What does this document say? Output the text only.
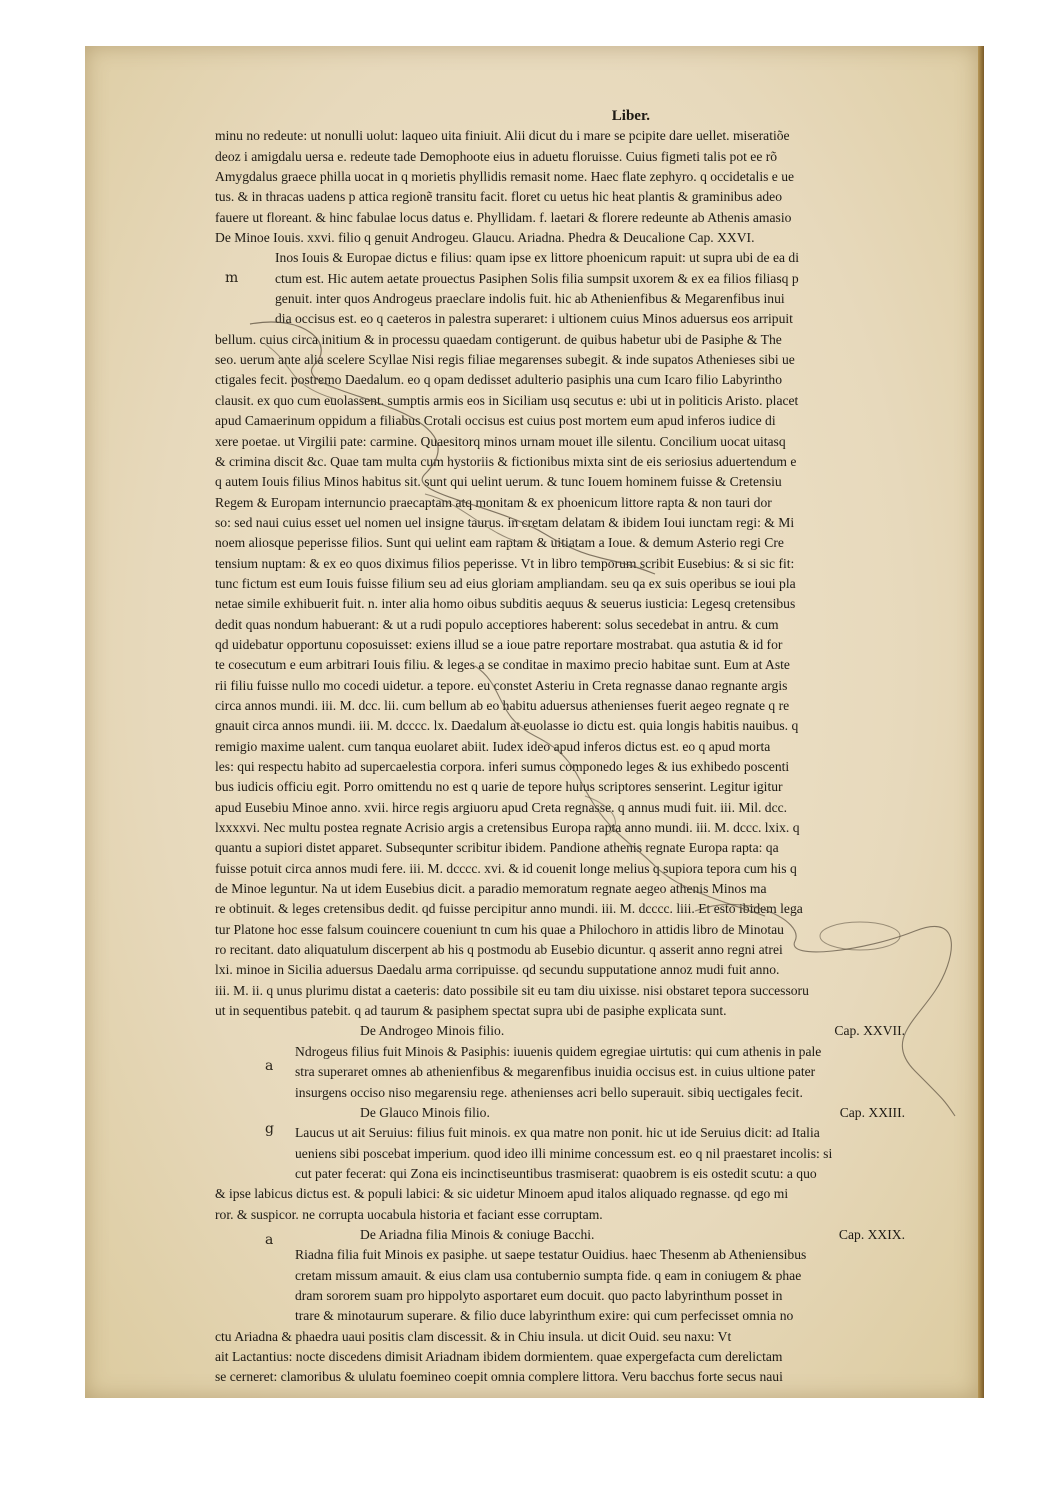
m
a
g
a
Liber.
minu no redeute: ut nonulli uolut: laqueo uita finiuit. Alii dicut du i mare se pcipite dare uellet. miseratiõe
deoz i amigdalu uersa e. redeute tade Demophoote eius in aduetu floruisse. Cuius figmeti talis pot ee rõ
Amygdalus graece philla uocat in q morietis phyllidis remasit nome. Haec flate zephyro. q occidetalis e ue
tus. & in thracas uadens p attica regionẽ transitu facit. floret cu uetus hic heat plantis & graminibus adeo
fauere ut floreant. & hinc fabulae locus datus e. Phyllidam. f. laetari & florere redeunte ab Athenis amasio
De Minoe Iouis. xxvi. filio q genuit Androgeu. Glaucu. Ariadna. Phedra & Deucalione Cap. XXVI.
Inos Iouis & Europae dictus e filius: quam ipse ex littore phoenicum rapuit: ut supra ubi de ea di
ctum est. Hic autem aetate prouectus Pasiphen Solis filia sumpsit uxorem & ex ea filios filiasq p
genuit. inter quos Androgeus praeclare indolis fuit. hic ab Athenienfibus & Megarenfibus inui
dia occisus est. eo q caeteros in palestra superaret: i ultionem cuius Minos aduersus eos arripuit
bellum. cuius circa initium & in processu quaedam contigerunt. de quibus habetur ubi de Pasiphe & The
seo. uerum ante alia scelere Scyllae Nisi regis filiae megarenses subegit. & inde supatos Athenieses sibi ue
ctigales fecit. postremo Daedalum. eo q opam dedisset adulterio pasiphis una cum Icaro filio Labyrintho
clausit. ex quo cum euolassent. sumptis armis eos in Siciliam usq secutus e: ubi ut in politicis Aristo. placet
apud Camaerinum oppidum a filiabus Crotali occisus est cuius post mortem eum apud inferos iudice di
xere poetae. ut Virgilii pate: carmine. Quaesitorq minos urnam mouet ille silentu. Concilium uocat uitasq
& crimina discit &c. Quae tam multa cum hystoriis & fictionibus mixta sint de eis seriosius aduertendum e
q autem Iouis filius Minos habitus sit. sunt qui uelint uerum. & tunc Iouem hominem fuisse & Cretensiu
Regem & Europam internuncio praecaptam atq monitam & ex phoenicum littore rapta & non tauri dor
so: sed naui cuius esset uel nomen uel insigne taurus. in cretam delatam & ibidem Ioui iunctam regi: & Mi
noem aliosque peperisse filios. Sunt qui uelint eam raptam & uitiatam a Ioue. & demum Asterio regi Cre
tensium nuptam: & ex eo quos diximus filios peperisse. Vt in libro temporum scribit Eusebius: & si sic fit:
tunc fictum est eum Iouis fuisse filium seu ad eius gloriam ampliandam. seu qa ex suis operibus se ioui pla
netae simile exhibuerit fuit. n. inter alia homo oibus subditis aequus & seuerus iusticia: Legesq cretensibus
dedit quas nondum habuerant: & ut a rudi populo acceptiores haberent: solus secedebat in antru. & cum
qd uidebatur opportunu coposuisset: exiens illud se a ioue patre reportare mostrabat. qua astutia & id for
te cosecutum e eum arbitrari Iouis filiu. & leges a se conditae in maximo precio habitae sunt. Eum at Aste
rii filiu fuisse nullo mo cocedi uidetur. a tepore. eu constet Asteriu in Creta regnasse danao regnante argis
circa annos mundi. iii. M. dcc. lii. cum bellum ab eo habitu aduersus athenienses fuerit aegeo regnate q re
gnauit circa annos mundi. iii. M. dcccc. lx. Daedalum at euolasse io dictu est. quia longis habitis nauibus. q
remigio maxime ualent. cum tanqua euolaret abiit. Iudex ideo apud inferos dictus est. eo q apud morta
les: qui respectu habito ad supercaelestia corpora. inferi sumus componedo leges & ius exhibedo poscenti
bus iudicis officiu egit. Porro omittendu no est q uarie de tepore huius scriptores senserint. Legitur igitur
apud Eusebiu Minoe anno. xvii. hirce regis argiuoru apud Creta regnasse. q annus mudi fuit. iii. Mil. dcc.
lxxxxvi. Nec multu postea regnate Acrisio argis a cretensibus Europa rapta anno mundi. iii. M. dccc. lxix. q
quantu a supiori distet apparet. Subsequnter scribitur ibidem. Pandione athenis regnate Europa rapta: qa
fuisse potuit circa annos mudi fere. iii. M. dcccc. xvi. & id couenit longe melius q supiora tepora cum his q
de Minoe leguntur. Na ut idem Eusebius dicit. a paradio memoratum regnate aegeo athenis Minos ma
re obtinuit. & leges cretensibus dedit. qd fuisse percipitur anno mundi. iii. M. dcccc. liii. Et esto ibidem lega
tur Platone hoc esse falsum couincere coueniunt tn cum his quae a Philochoro in attidis libro de Minotau
ro recitant. dato aliquatulum discerpent ab his q postmodu ab Eusebio dicuntur. q asserit anno regni atrei
lxi. minoe in Sicilia aduersus Daedalu arma corripuisse. qd secundu supputatione annoz mudi fuit anno.
iii. M. ii. q unus plurimu distat a caeteris: dato possibile sit eu tam diu uixisse. nisi obstaret tepora successoru
ut in sequentibus patebit. q ad taurum & pasiphem spectat supra ubi de pasiphe explicata sunt.
De Androgeo Minois filio.	Cap. XXVII.
Ndrogeus filius fuit Minois & Pasiphis: iuuenis quidem egregiae uirtutis: qui cum athenis in pale
stra superaret omnes ab athenienfibus & megarenfibus inuidia occisus est. in cuius ultione pater
insurgens occiso niso megarensiu rege. athenienses acri bello superauit. sibiq uectigales fecit.
De Glauco Minois filio.	Cap. XXIII.
Laucus ut ait Seruius: filius fuit minois. ex qua matre non ponit. hic ut ide Seruius dicit: ad Italia
ueniens sibi poscebat imperium. quod ideo illi minime concessum est. eo q nil praestaret incolis: si
cut pater fecerat: qui Zona eis incinctiseuntibus trasmiserat: quaobrem is eis ostedit scutu: a quo
& ipse labicus dictus est. & populi labici: & sic uidetur Minoem apud italos aliquado regnasse. qd ego mi
ror. & suspicor. ne corrupta uocabula historia et faciant esse corruptam.
De Ariadna filia Minois & coniuge Bacchi.	Cap. XXIX.
Riadna filia fuit Minois ex pasiphe. ut saepe testatur Ouidius. haec Thesenm ab Atheniensibus
cretam missum amauit. & eius clam usa contubernio sumpta fide. q eam in coniugem & phae
dram sororem suam pro hippolyto asportaret eum docuit. quo pacto labyrinthum posset in
trare & minotaurum superare. & filio duce labyrinthum exire: qui cum perfecisset omnia no
ctu Ariadna & phaedra uaui positis clam discessit. & in Chiu insula. ut dicit Ouid. seu naxu: Vt
ait Lactantius: nocte discedens dimisit Ariadnam ibidem dormientem. quae expergefacta cum derelictam
se cerneret: clamoribus & ululatu foemineo coepit omnia complere littora. Veru bacchus forte secus naui
